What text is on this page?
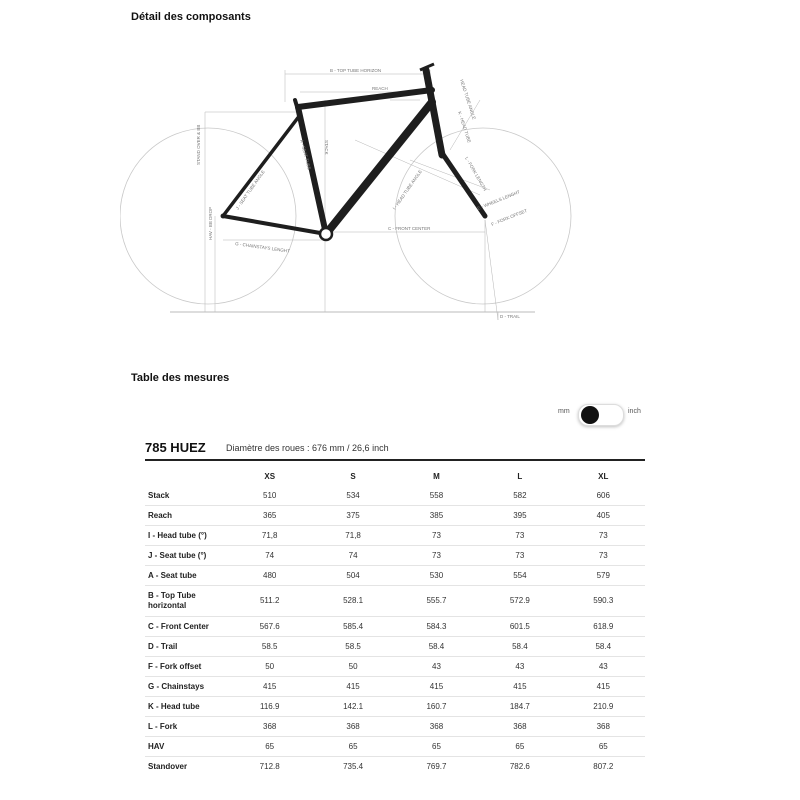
Détail des composants
B - TOP TUBE HORIZON
REACH	HEAD TUBE ANGLE
K - HEAD TUBE
L - FORK LENGTH
STACK
A - SEAT TUBE
J - SEAT TUBE ANGLE	I - HEAD TUBE ANGLE
STAND OVER & BB
HAV - BB DROP
G - CHAINSTAYS LENGHT
C - FRONT CENTER
E - WHEELS LENGHT
F - FORK OFFSET
D - TRAIL
Table des mesures
mm	inch
785 HUEZ Diamètre des roues : 676 mm / 26,6 inch
	XS	S	M	L	XL
Stack	510	534	558	582	606
Reach	365	375	385	395	405
I - Head tube (°)	71,8	71,8	73	73	73
J - Seat tube (°)	74	74	73	73	73
A - Seat tube	480	504	530	554	579

B - Top Tube
horizontal	511.2	528.1	555.7	572.9	590.3
C - Front Center	567.6	585.4	584.3	601.5	618.9
D - Trail	58.5	58.5	58.4	58.4	58.4
F - Fork offset	50	50	43	43	43
G - Chainstays	415	415	415	415	415
K - Head tube	116.9	142.1	160.7	184.7	210.9
L - Fork	368	368	368	368	368
HAV	65	65	65	65	65
Standover	712.8	735.4	769.7	782.6	807.2
